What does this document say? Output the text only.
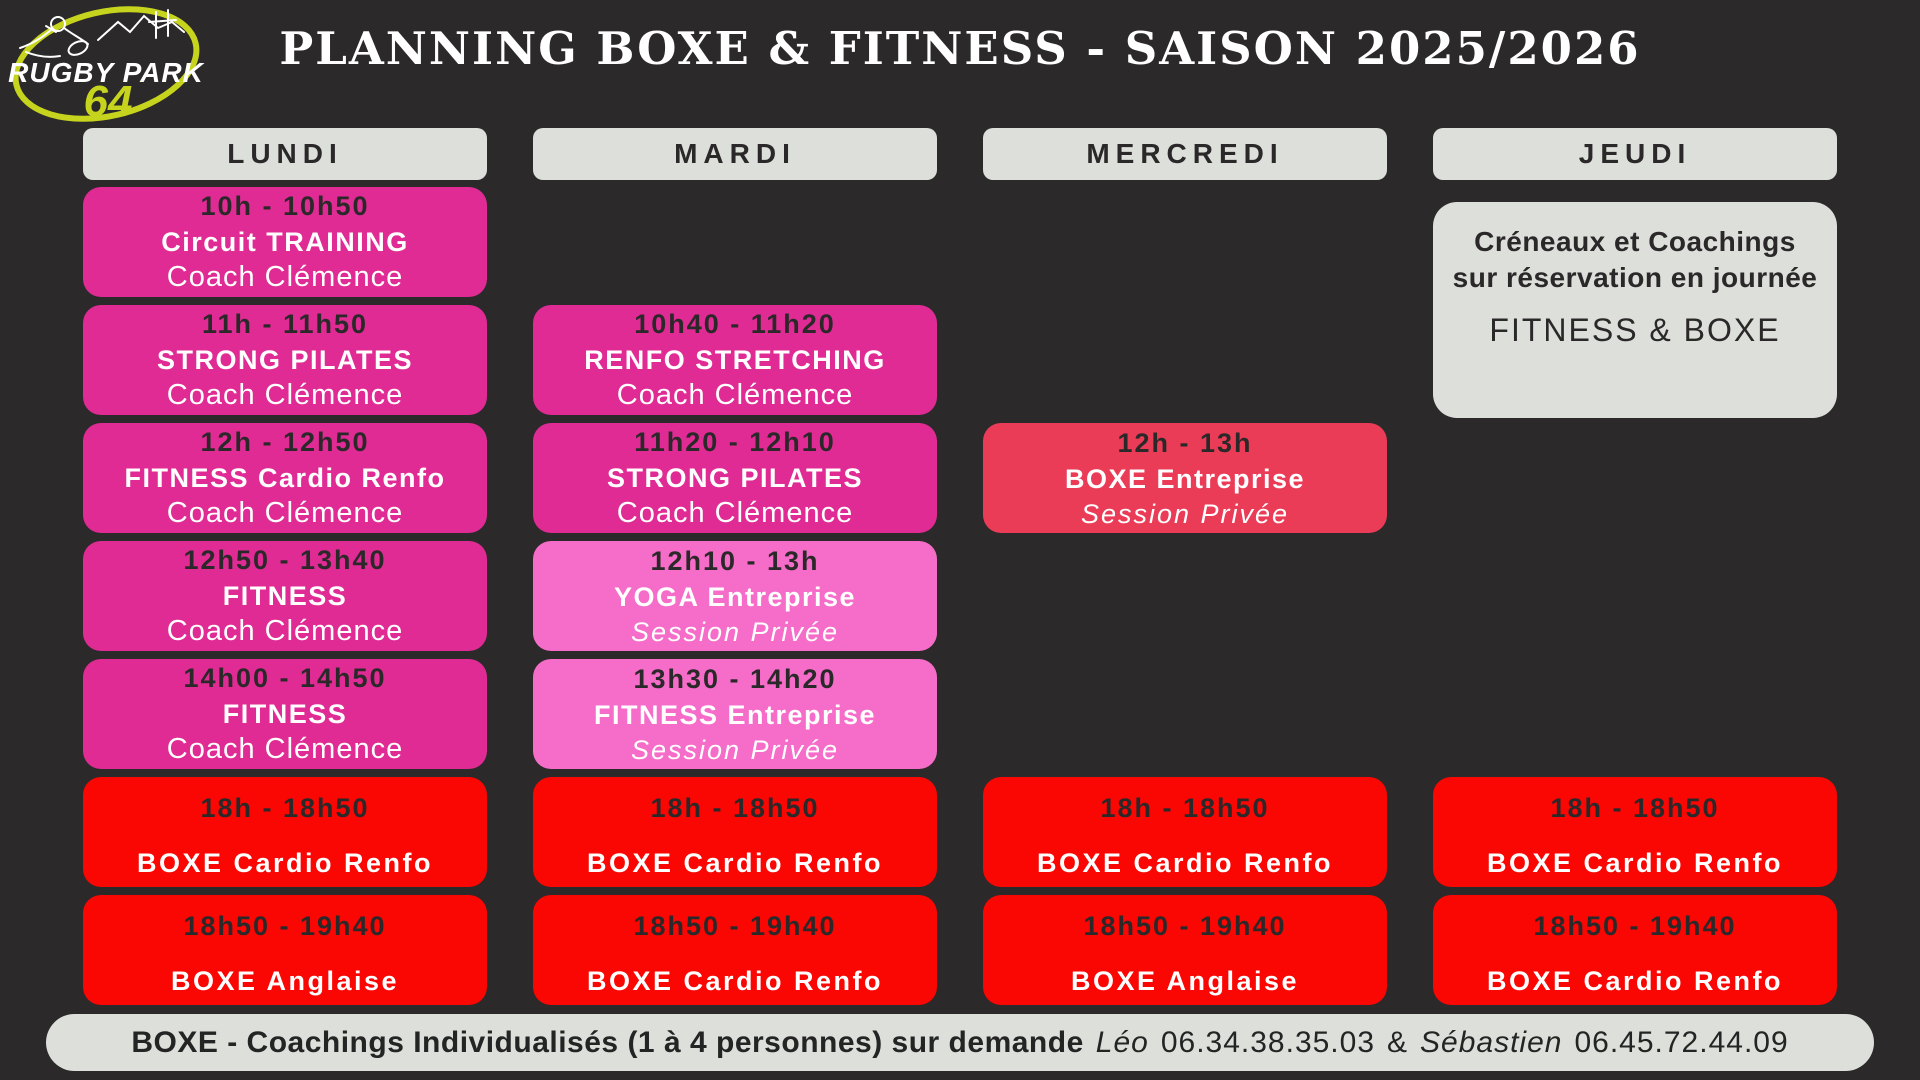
RUGBY PARK
64
PLANNING BOXE & FITNESS - SAISON 2025/2026
LUNDI
10h - 10h50
Circuit TRAINING
Coach Clémence
11h - 11h50
STRONG PILATES
Coach Clémence
12h - 12h50
FITNESS Cardio Renfo
Coach Clémence
12h50 - 13h40
FITNESS
Coach Clémence
14h00 - 14h50
FITNESS
Coach Clémence
18h - 18h50
BOXE Cardio Renfo
18h50 - 19h40
BOXE Anglaise
MARDI
10h40 - 11h20
RENFO STRETCHING
Coach Clémence
11h20 - 12h10
STRONG PILATES
Coach Clémence
12h10 - 13h
YOGA Entreprise
Session Privée
13h30 - 14h20
FITNESS Entreprise
Session Privée
18h - 18h50
BOXE Cardio Renfo
18h50 - 19h40
BOXE Cardio Renfo
MERCREDI
12h - 13h
BOXE Entreprise
Session Privée
18h - 18h50
BOXE Cardio Renfo
18h50 - 19h40
BOXE Anglaise
JEUDI
Créneaux et Coachings sur réservation en journée
FITNESS & BOXE
18h - 18h50
BOXE Cardio Renfo
18h50 - 19h40
BOXE Cardio Renfo
BOXE - Coachings Individualisés (1 à 4 personnes) sur demande Léo 06.34.38.35.03 & Sébastien 06.45.72.44.09
